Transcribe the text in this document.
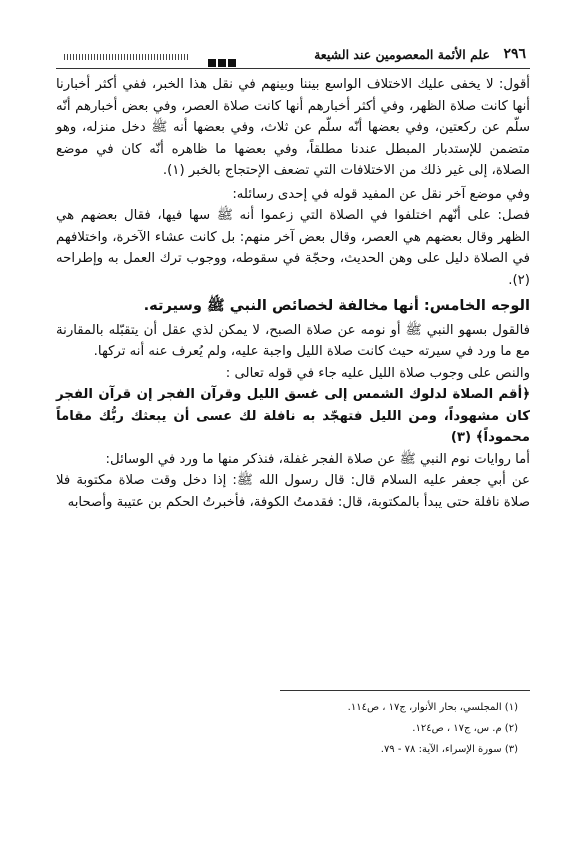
٢٩٦
علم الأئمة المعصومين عند الشيعة

أقول: لا يخفى عليك الاختلاف الواسع بيننا وبينهم في نقل هذا الخبر، ففي أكثر أخبارنا أنها كانت صلاة الظهر، وفي أكثر أخبارهم أنها كانت صلاة العصر، وفي بعض أخبارهم أنّه سلّم عن ركعتين، وفي بعضها أنّه سلّم عن ثلاث، وفي بعضها أنه ﷺ دخل منزله، وهو متضمن للإستدبار المبطل عندنا مطلقاً، وفي بعضها ما ظاهره أنّه كان في موضع الصلاة، إلى غير ذلك من الاختلافات التي تضعف الإحتجاج بالخبر (١).

وفي موضع آخر نقل عن المفيد قوله في إحدى رسائله:

فصل: على أنّهم اختلفوا في الصلاة التي زعموا أنه ﷺ سها فيها، فقال بعضهم هي الظهر وقال بعضهم هي العصر، وقال بعض آخر منهم: بل كانت عشاء الآخرة، واختلافهم في الصلاة دليل على وهن الحديث، وحجّة في سقوطه، ووجوب ترك العمل به وإطراحه (٢).

الوجه الخامس: أنها مخالفة لخصائص النبي ﷺ وسيرته.

فالقول بسهو النبي ﷺ أو نومه عن صلاة الصبح، لا يمكن لذي عقل أن يتقبّله بالمقارنة مع ما ورد في سيرته حيث كانت صلاة الليل واجبة عليه، ولم يُعرف عنه أنه تركها.

والنص على وجوب صلاة الليل عليه جاء في قوله تعالى :

﴿أقم الصلاة لدلوك الشمس إلى غسق الليل وقرآن الفجر إن قرآن الفجر كان مشهوداً، ومن الليل فتهجّد به نافلة لك عسى أن يبعثك ربُّك مقاماً محموداً﴾ (٣)

أما روايات نوم النبي ﷺ عن صلاة الفجر غفلة، فنذكر منها ما ورد في الوسائل:

عن أبي جعفر عليه السلام قال: قال رسول الله ﷺ: إذا دخل وقت صلاة مكتوبة فلا صلاة نافلة حتى يبدأ بالمكتوبة، قال: فقدمتُ الكوفة، فأخبرتُ الحكم بن عتيبة وأصحابه

(١) المجلسي، بحار الأنوار، ج١٧ ، ص١١٤.
(٢) م. س، ج١٧ ، ص١٢٤.
(٣) سورة الإسراء، الآية: ٧٨ - ٧٩.
